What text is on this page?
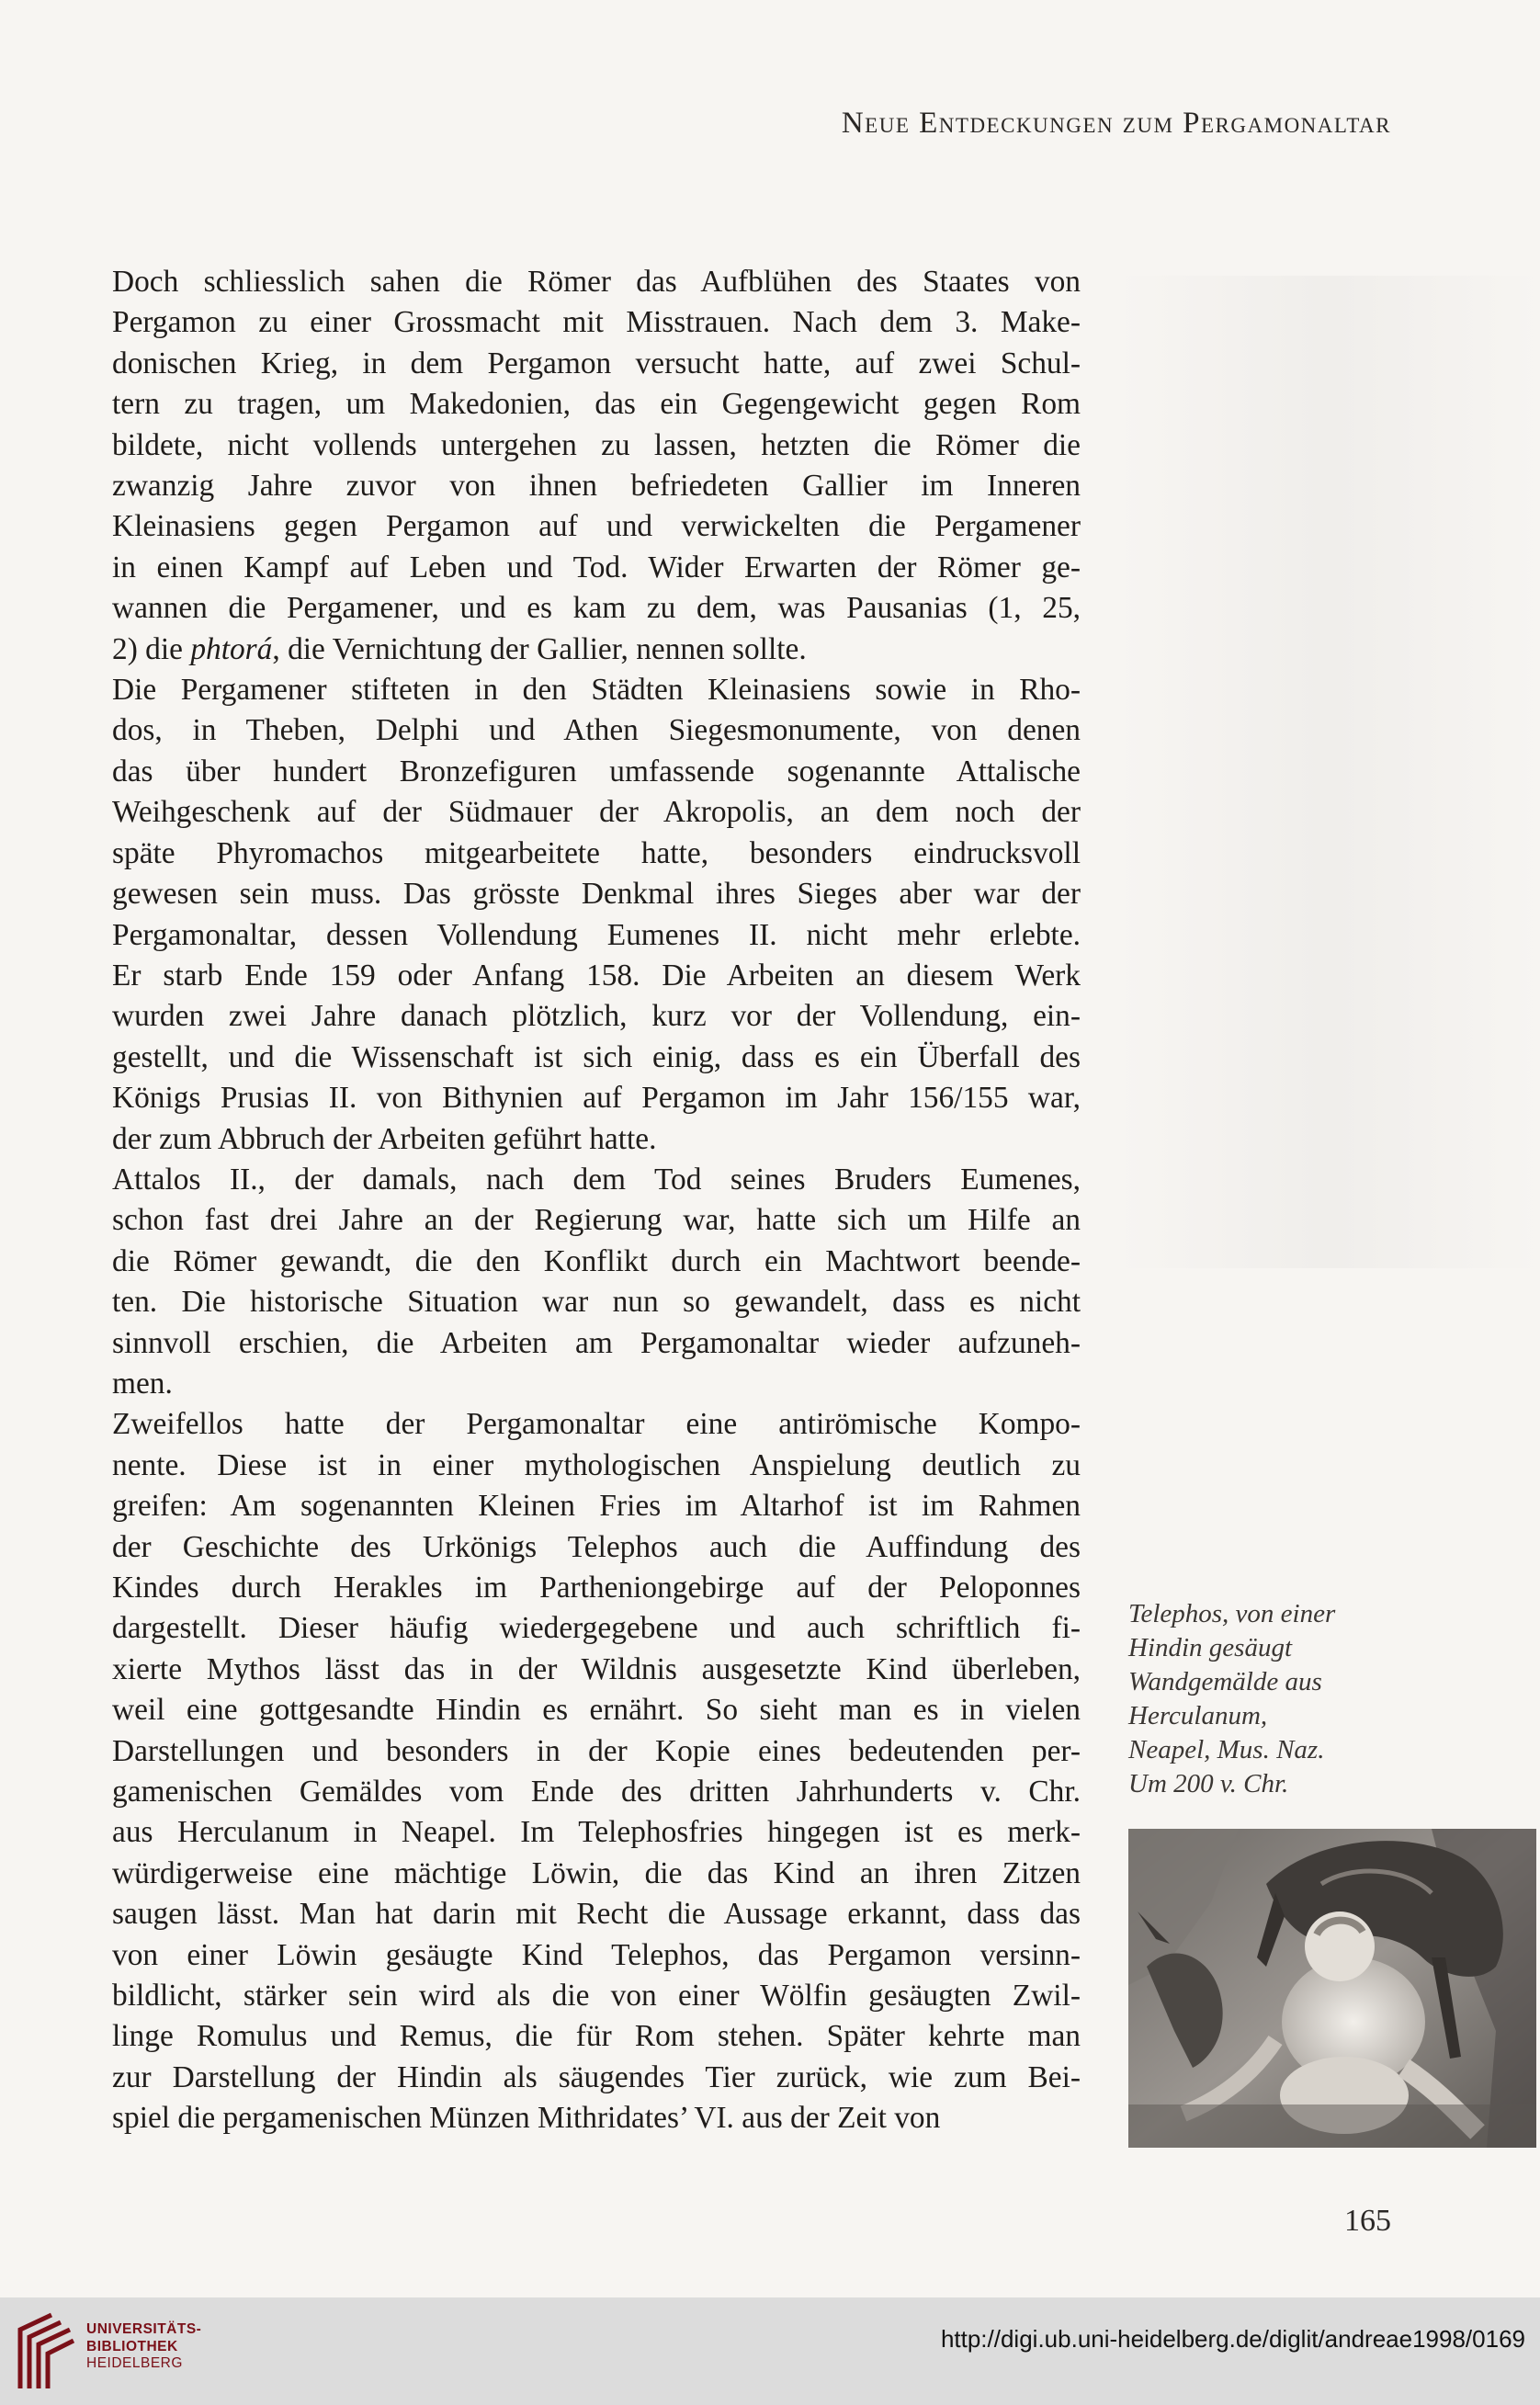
Neue Entdeckungen zum Pergamonaltar

Doch schliesslich sahen die Römer das Aufblühen des Staates von
Pergamon zu einer Grossmacht mit Misstrauen. Nach dem 3. Make-
donischen Krieg, in dem Pergamon versucht hatte, auf zwei Schul-
tern zu tragen, um Makedonien, das ein Gegengewicht gegen Rom
bildete, nicht vollends untergehen zu lassen, hetzten die Römer die
zwanzig Jahre zuvor von ihnen befriedeten Gallier im Inneren
Kleinasiens gegen Pergamon auf und verwickelten die Pergamener
in einen Kampf auf Leben und Tod. Wider Erwarten der Römer ge-
wannen die Pergamener, und es kam zu dem, was Pausanias (1, 25,
2) die phtorá, die Vernichtung der Gallier, nennen sollte.

Die Pergamener stifteten in den Städten Kleinasiens sowie in Rho-
dos, in Theben, Delphi und Athen Siegesmonumente, von denen
das über hundert Bronzefiguren umfassende sogenannte Attalische
Weihgeschenk auf der Südmauer der Akropolis, an dem noch der
späte Phyromachos mitgearbeitete hatte, besonders eindrucksvoll
gewesen sein muss. Das grösste Denkmal ihres Sieges aber war der
Pergamonaltar, dessen Vollendung Eumenes II. nicht mehr erlebte.
Er starb Ende 159 oder Anfang 158. Die Arbeiten an diesem Werk
wurden zwei Jahre danach plötzlich, kurz vor der Vollendung, ein-
gestellt, und die Wissenschaft ist sich einig, dass es ein Überfall des
Königs Prusias II. von Bithynien auf Pergamon im Jahr 156/155 war,
der zum Abbruch der Arbeiten geführt hatte.

Attalos II., der damals, nach dem Tod seines Bruders Eumenes,
schon fast drei Jahre an der Regierung war, hatte sich um Hilfe an
die Römer gewandt, die den Konflikt durch ein Machtwort beende-
ten. Die historische Situation war nun so gewandelt, dass es nicht
sinnvoll erschien, die Arbeiten am Pergamonaltar wieder aufzuneh-
men.

Zweifellos hatte der Pergamonaltar eine antirömische Kompo-
nente. Diese ist in einer mythologischen Anspielung deutlich zu
greifen: Am sogenannten Kleinen Fries im Altarhof ist im Rahmen
der Geschichte des Urkönigs Telephos auch die Auffindung des
Kindes durch Herakles im Partheniongebirge auf der Peloponnes
dargestellt. Dieser häufig wiedergegebene und auch schriftlich fi-
xierte Mythos lässt das in der Wildnis ausgesetzte Kind überleben,
weil eine gottgesandte Hindin es ernährt. So sieht man es in vielen
Darstellungen und besonders in der Kopie eines bedeutenden per-
gamenischen Gemäldes vom Ende des dritten Jahrhunderts v. Chr.
aus Herculanum in Neapel. Im Telephosfries hingegen ist es merk-
würdigerweise eine mächtige Löwin, die das Kind an ihren Zitzen
saugen lässt. Man hat darin mit Recht die Aussage erkannt, dass das
von einer Löwin gesäugte Kind Telephos, das Pergamon versinn-
bildlicht, stärker sein wird als die von einer Wölfin gesäugten Zwil-
linge Romulus und Remus, die für Rom stehen. Später kehrte man
zur Darstellung der Hindin als säugendes Tier zurück, wie zum Bei-
spiel die pergamenischen Münzen Mithridates’ VI. aus der Zeit von

Telephos, von einer
Hindin gesäugt
Wandgemälde aus
Herculanum,
Neapel, Mus. Naz.
Um 200 v. Chr.
165
UNIVERSITÄTS-
BIBLIOTHEK
HEIDELBERG
http://digi.ub.uni-heidelberg.de/diglit/andreae1998/0169
